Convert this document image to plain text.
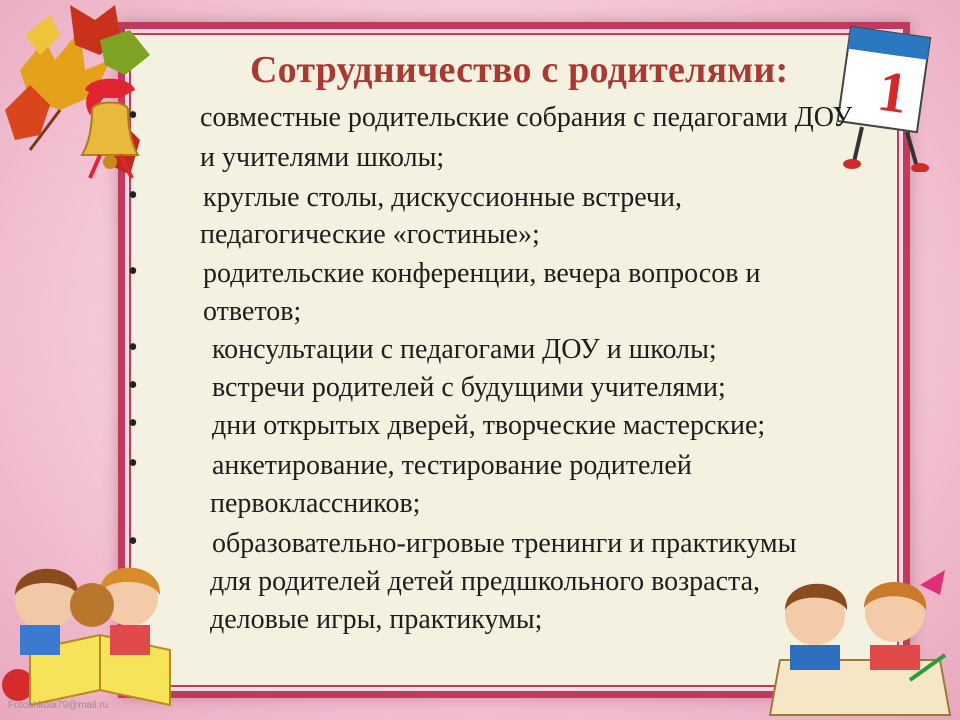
1
Сотрудничество с родителями:
• совместные родительские собрания с педагогами ДОУ
и учителями школы;
• круглые столы, дискуссионные встречи,
педагогические «гостиные»;
• родительские конференции, вечера вопросов и
ответов;
•	консультации с педагогами ДОУ и школы;
•	встречи родителей с будущими учителями;
•	дни открытых дверей, творческие мастерские;
•	анкетирование, тестирование родителей
первоклассников;
•	образовательно-игровые тренинги и практикумы
для родителей детей предшкольного возраста,
деловые игры, практикумы;
Fotoshkola79@mail.ru
